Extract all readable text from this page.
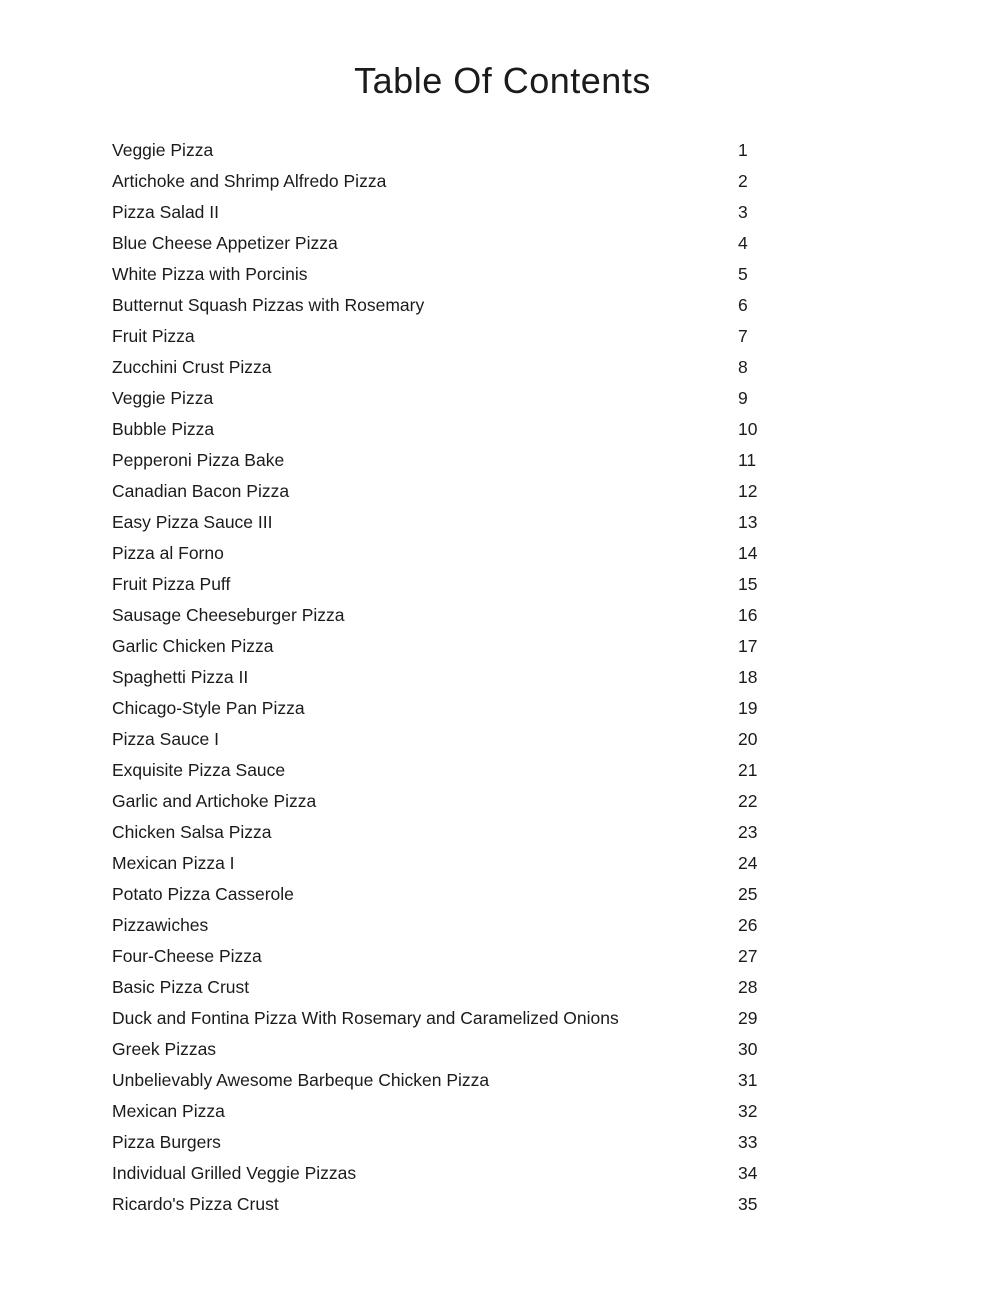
Table Of Contents
Veggie Pizza	1
Artichoke and Shrimp Alfredo Pizza	2
Pizza Salad II	3
Blue Cheese Appetizer Pizza	4
White Pizza with Porcinis	5
Butternut Squash Pizzas with Rosemary	6
Fruit Pizza	7
Zucchini Crust Pizza	8
Veggie Pizza	9
Bubble Pizza	10
Pepperoni Pizza Bake	11
Canadian Bacon Pizza	12
Easy Pizza Sauce III	13
Pizza al Forno	14
Fruit Pizza Puff	15
Sausage Cheeseburger Pizza	16
Garlic Chicken Pizza	17
Spaghetti Pizza II	18
Chicago-Style Pan Pizza	19
Pizza Sauce I	20
Exquisite Pizza Sauce	21
Garlic and Artichoke Pizza	22
Chicken Salsa Pizza	23
Mexican Pizza I	24
Potato Pizza Casserole	25
Pizzawiches	26
Four-Cheese Pizza	27
Basic Pizza Crust	28
Duck and Fontina Pizza With Rosemary and Caramelized Onions	29
Greek Pizzas	30
Unbelievably Awesome Barbeque Chicken Pizza	31
Mexican Pizza	32
Pizza Burgers	33
Individual Grilled Veggie Pizzas	34
Ricardo's Pizza Crust	35
